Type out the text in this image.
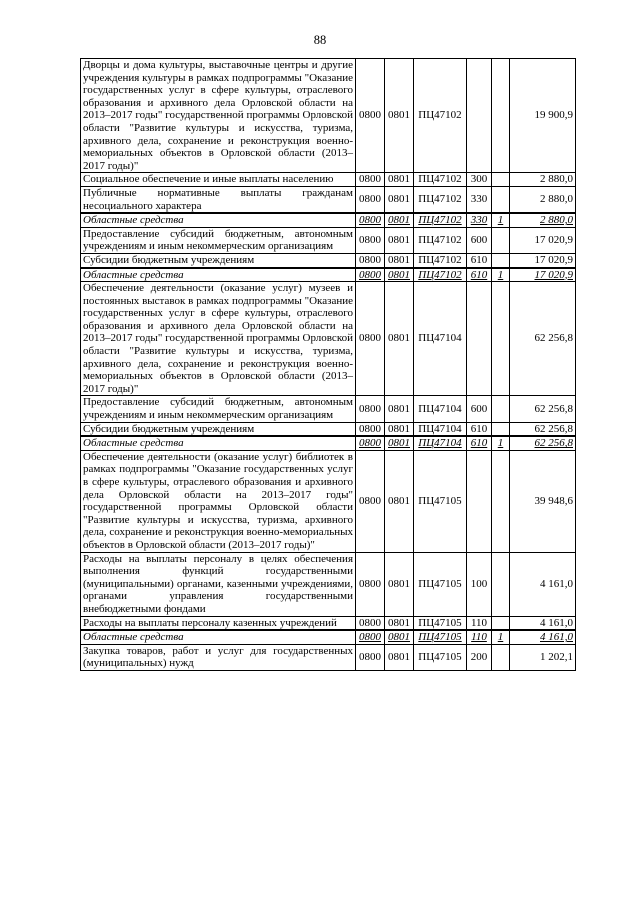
88
Дворцы и дома культуры, выставочные центры и другие учреждения культуры в рамках подпрограммы "Оказание государственных услуг в сфере культуры, отраслевого образования и архивного дела Орловской области на 2013–2017 годы" государственной программы Орловской области "Развитие культуры и искусства, туризма, архивного дела, сохранение и реконструкция военно-мемориальных объектов в Орловской области (2013–2017 годы)"	0800	0801	ПЦ47102			19 900,9
Социальное обеспечение и иные выплаты населению	0800	0801	ПЦ47102	300		2 880,0
Публичные нормативные выплаты гражданам несоциального характера	0800	0801	ПЦ47102	330		2 880,0
Областные средства	0800	0801	ПЦ47102	330	1	2 880,0
Предоставление субсидий бюджетным, автономным учреждениям и иным некоммерческим организациям	0800	0801	ПЦ47102	600		17 020,9
Субсидии бюджетным учреждениям	0800	0801	ПЦ47102	610		17 020,9
Областные средства	0800	0801	ПЦ47102	610	1	17 020,9
Обеспечение деятельности (оказание услуг) музеев и постоянных выставок в рамках подпрограммы "Оказание государственных услуг в сфере культуры, отраслевого образования и архивного дела Орловской области на 2013–2017 годы" государственной программы Орловской области "Развитие культуры и искусства, туризма, архивного дела, сохранение и реконструкция военно-мемориальных объектов в Орловской области (2013–2017 годы)"	0800	0801	ПЦ47104			62 256,8
Предоставление субсидий бюджетным, автономным учреждениям и иным некоммерческим организациям	0800	0801	ПЦ47104	600		62 256,8
Субсидии бюджетным учреждениям	0800	0801	ПЦ47104	610		62 256,8
Областные средства	0800	0801	ПЦ47104	610	1	62 256,8
Обеспечение деятельности (оказание услуг) библиотек в рамках подпрограммы "Оказание государственных услуг в сфере культуры, отраслевого образования и архивного дела Орловской области на 2013–2017 годы" государственной программы Орловской области "Развитие культуры и искусства, туризма, архивного дела, сохранение и реконструкция военно-мемориальных объектов в Орловской области (2013–2017 годы)"	0800	0801	ПЦ47105			39 948,6
Расходы на выплаты персоналу в целях обеспечения выполнения функций государственными (муниципальными) органами, казенными учреждениями, органами управления государственными внебюджетными фондами	0800	0801	ПЦ47105	100		4 161,0
Расходы на выплаты персоналу казенных учреждений	0800	0801	ПЦ47105	110		4 161,0
Областные средства	0800	0801	ПЦ47105	110	1	4 161,0
Закупка товаров, работ и услуг для государственных (муниципальных) нужд	0800	0801	ПЦ47105	200		1 202,1
